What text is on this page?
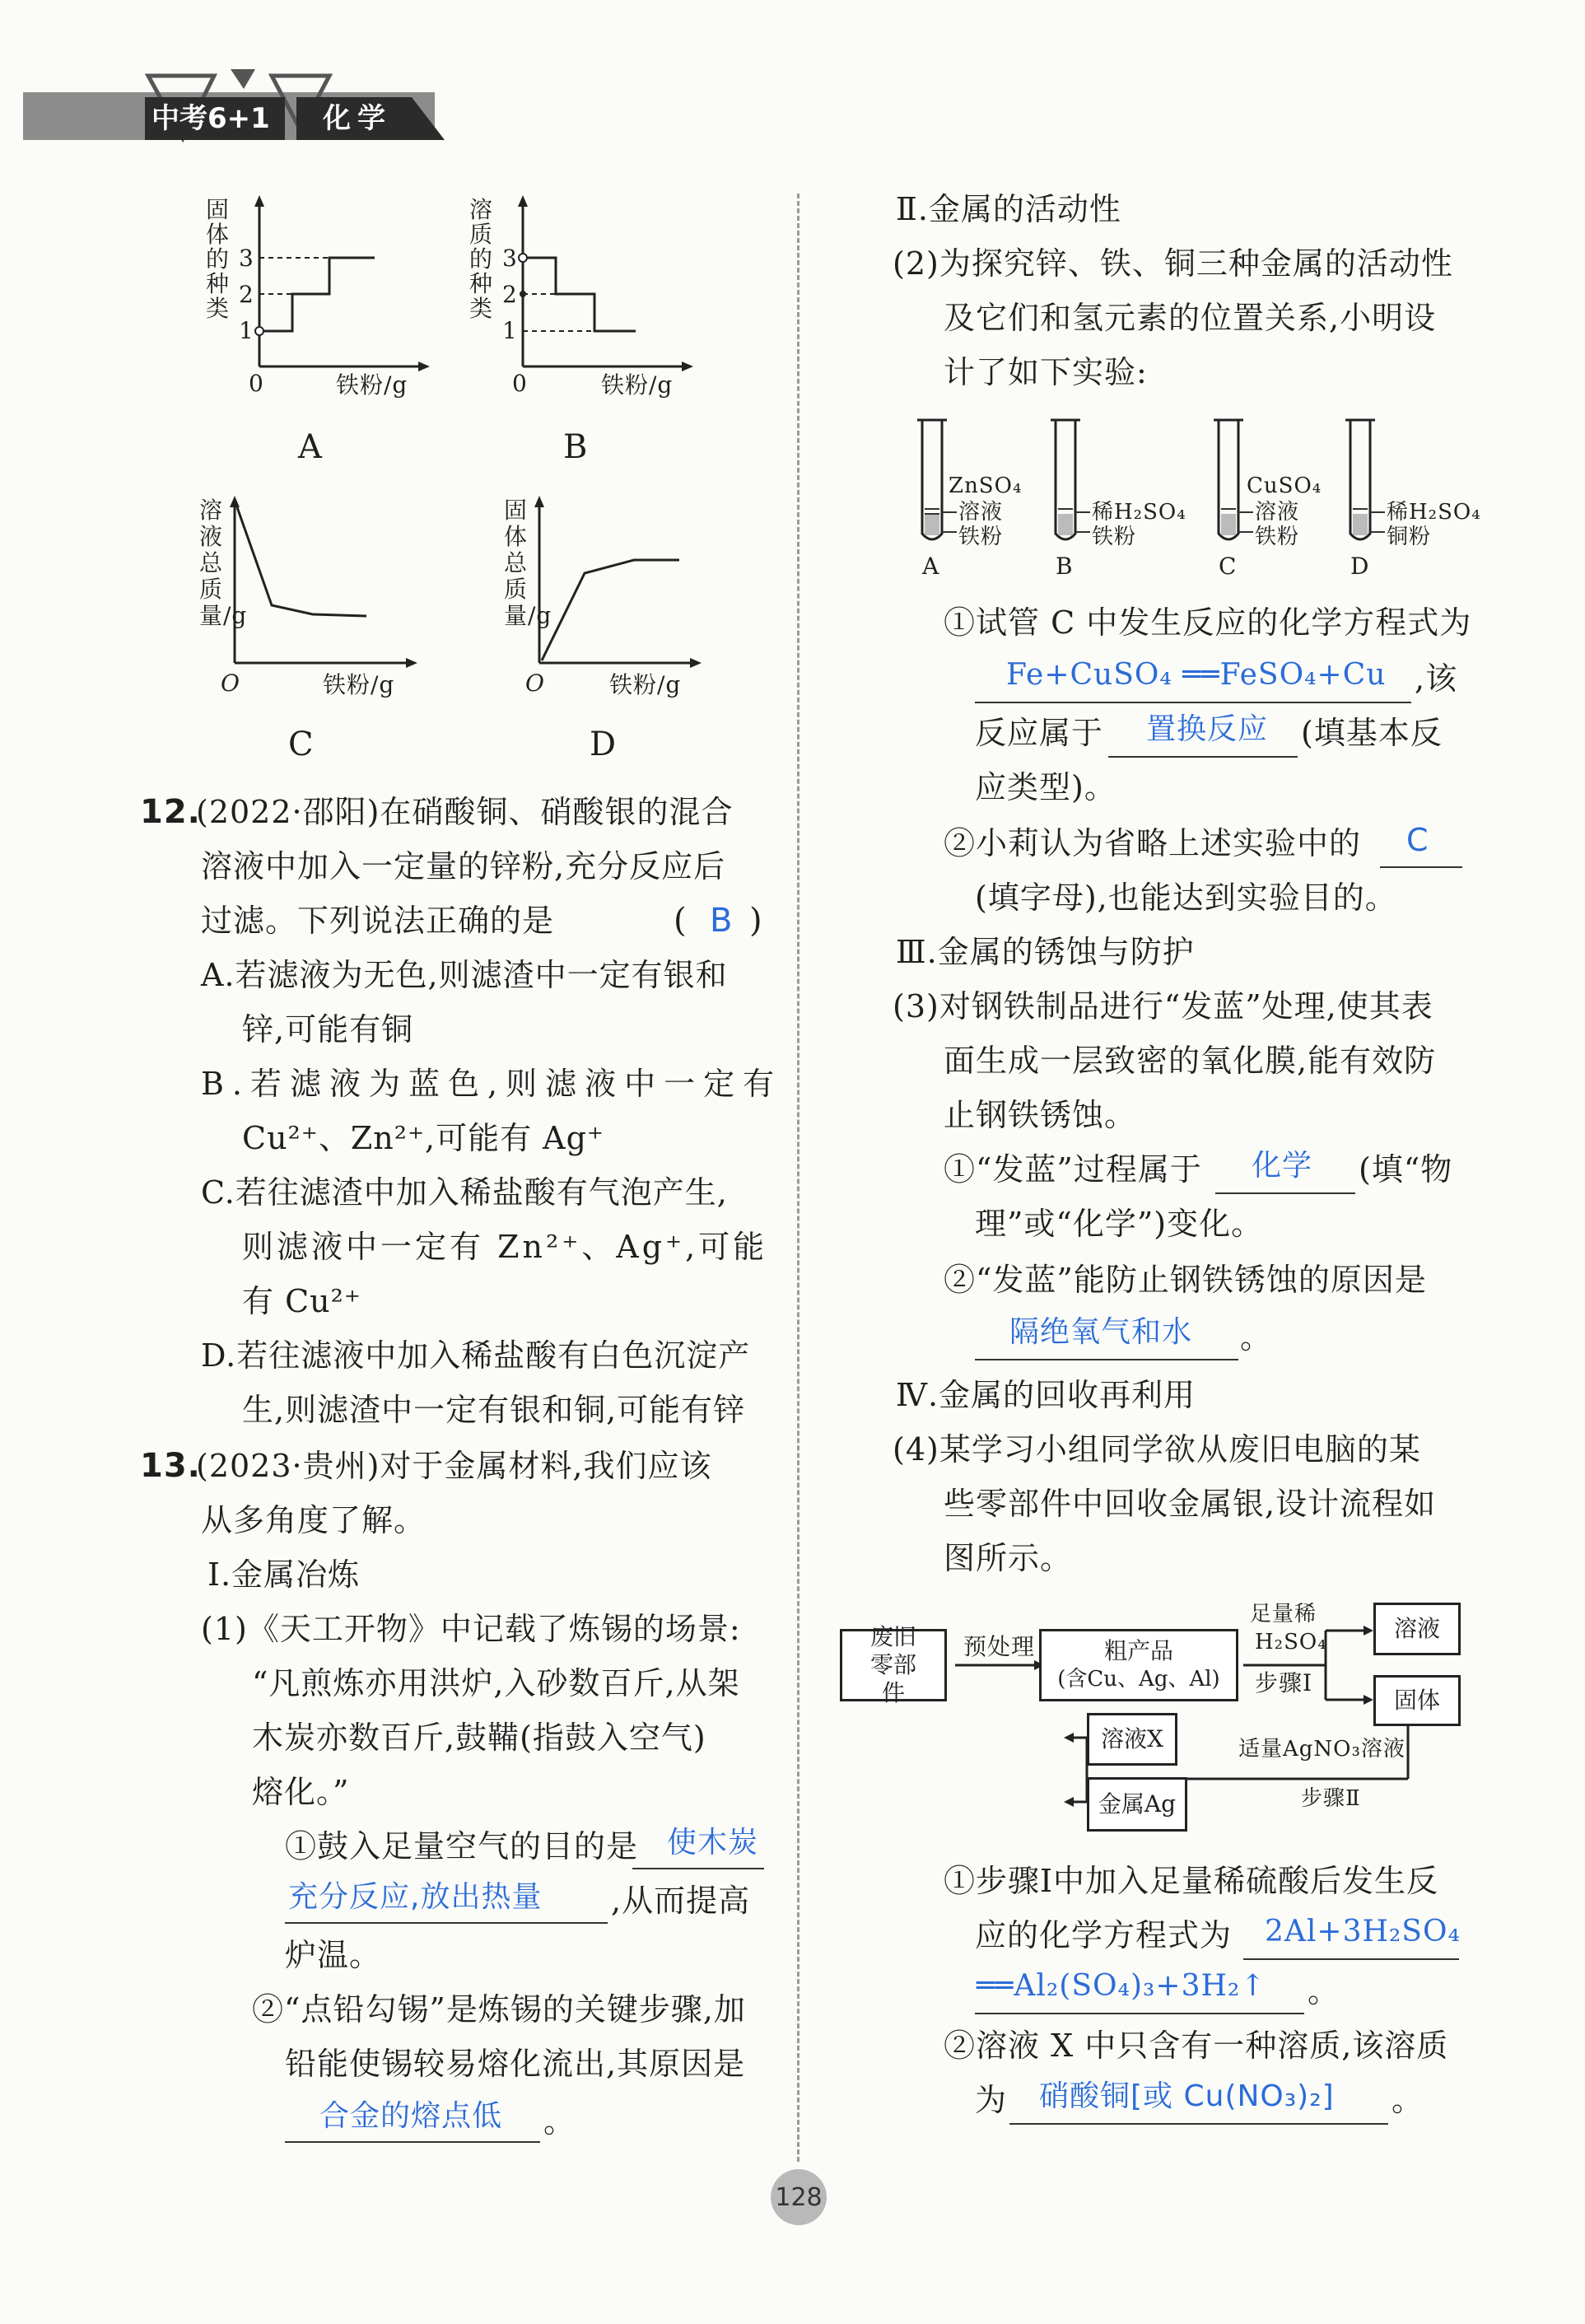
中考6+1 化学
固体的种类
3
2
1
0	铁粉/g
A
溶质的种类
3
2
1
0	铁粉/g
B
溶液总质量/g
O	铁粉/g
C
固体总质量/g
O	铁粉/g
D
12.
(2022·邵阳)在硝酸铜、硝酸银的混合
溶液中加入一定量的锌粉,充分反应后
过滤。下列说法正确的是	( B )
A.若滤液为无色,则滤渣中一定有银和
锌,可能有铜
B.若滤液为蓝色,则滤液中一定有
Cu²⁺、Zn²⁺,可能有 Ag⁺
C.若往滤渣中加入稀盐酸有气泡产生,
则滤液中一定有 Zn²⁺、Ag⁺,可能
有 Cu²⁺
D.若往滤液中加入稀盐酸有白色沉淀产
生,则滤渣中一定有银和铜,可能有锌
13.
(2023·贵州)对于金属材料,我们应该
从多角度了解。
Ⅰ.金属冶炼
(1)《天工开物》中记载了炼锡的场景:
“凡煎炼亦用洪炉,入砂数百斤,从架
木炭亦数百斤,鼓鞴(指鼓入空气)
熔化。”
①鼓入足量空气的目的是 使木炭
充分反应,放出热量 ,从而提高
炉温。
②“点铅勾锡”是炼锡的关键步骤,加
铅能使锡较易熔化流出,其原因是
合金的熔点低 。
Ⅱ.金属的活动性
(2)为探究锌、铁、铜三种金属的活动性
及它们和氢元素的位置关系,小明设
计了如下实验:
ZnSO₄
溶液
铁粉
A
稀H₂SO₄
铁粉
B
CuSO₄
溶液
铁粉
C
稀H₂SO₄
铜粉
D
①试管 C 中发生反应的化学方程式为
Fe+CuSO₄ ══FeSO₄+Cu ,该
反应属于 置换反应 (填基本反
应类型)。
②小莉认为省略上述实验中的 C
(填字母),也能达到实验目的。
Ⅲ.金属的锈蚀与防护
(3)对钢铁制品进行“发蓝”处理,使其表
面生成一层致密的氧化膜,能有效防
止钢铁锈蚀。
①“发蓝”过程属于 化学 (填“物
理”或“化学”)变化。
②“发蓝”能防止钢铁锈蚀的原因是
隔绝氧气和水 。
Ⅳ.金属的回收再利用
(4)某学习小组同学欲从废旧电脑的某
些零部件中回收金属银,设计流程如
图所示。
废旧零部件
预处理	粗产品
(含Cu、Ag、Al)
足量稀
H₂SO₄
步骤Ⅰ
溶液
固体
溶液X	适量AgNO₃溶液
步骤Ⅱ
金属Ag
①步骤Ⅰ中加入足量稀硫酸后发生反
应的化学方程式为 2Al+3H₂SO₄
══Al₂(SO₄)₃+3H₂↑ 。
②溶液 X 中只含有一种溶质,该溶质
为 硝酸铜[或 Cu(NO₃)₂] 。
128
